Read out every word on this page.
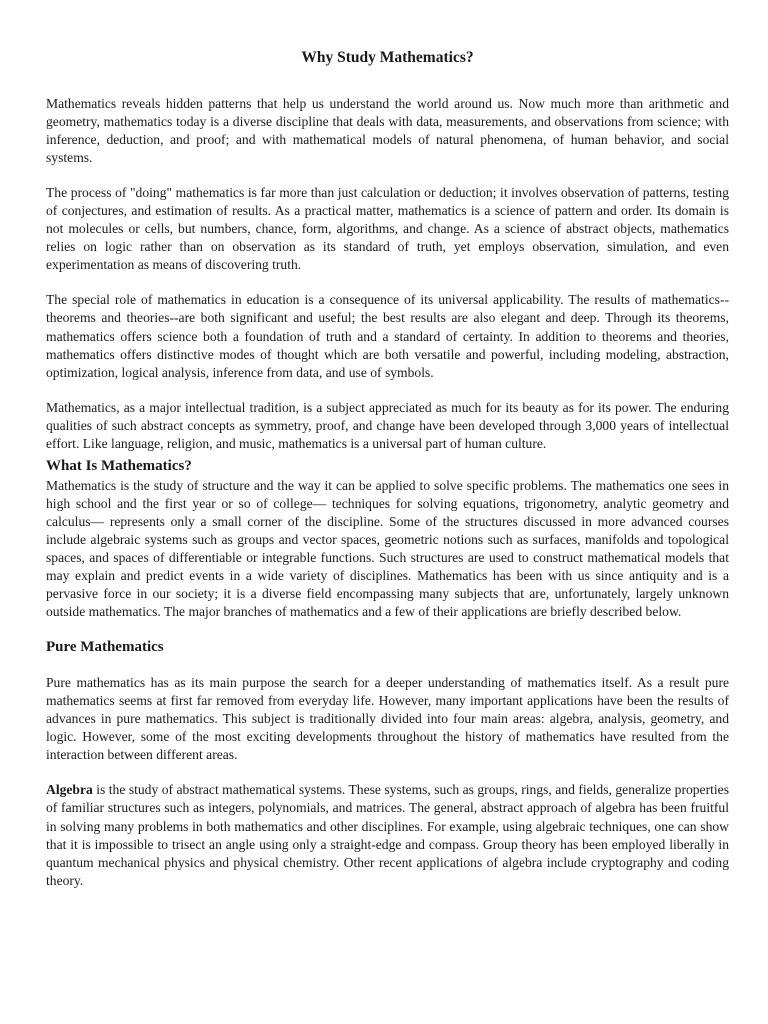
Why Study Mathematics?

Mathematics reveals hidden patterns that help us understand the world around us. Now much more than arithmetic and geometry, mathematics today is a diverse discipline that deals with data, measurements, and observations from science; with inference, deduction, and proof; and with mathematical models of natural phenomena, of human behavior, and social systems.

The process of "doing" mathematics is far more than just calculation or deduction; it involves observation of patterns, testing of conjectures, and estimation of results. As a practical matter, mathematics is a science of pattern and order. Its domain is not molecules or cells, but numbers, chance, form, algorithms, and change. As a science of abstract objects, mathematics relies on logic rather than on observation as its standard of truth, yet employs observation, simulation, and even experimentation as means of discovering truth.

The special role of mathematics in education is a consequence of its universal applicability. The results of mathematics--theorems and theories--are both significant and useful; the best results are also elegant and deep. Through its theorems, mathematics offers science both a foundation of truth and a standard of certainty. In addition to theorems and theories, mathematics offers distinctive modes of thought which are both versatile and powerful, including modeling, abstraction, optimization, logical analysis, inference from data, and use of symbols.

Mathematics, as a major intellectual tradition, is a subject appreciated as much for its beauty as for its power. The enduring qualities of such abstract concepts as symmetry, proof, and change have been developed through 3,000 years of intellectual effort. Like language, religion, and music, mathematics is a universal part of human culture.

What Is Mathematics?

Mathematics is the study of structure and the way it can be applied to solve specific problems. The mathematics one sees in high school and the first year or so of college— techniques for solving equations, trigonometry, analytic geometry and calculus— represents only a small corner of the discipline. Some of the structures discussed in more advanced courses include algebraic systems such as groups and vector spaces, geometric notions such as surfaces, manifolds and topological spaces, and spaces of differentiable or integrable functions. Such structures are used to construct mathematical models that may explain and predict events in a wide variety of disciplines. Mathematics has been with us since antiquity and is a pervasive force in our society; it is a diverse field encompassing many subjects that are, unfortunately, largely unknown outside mathematics. The major branches of mathematics and a few of their applications are briefly described below.

Pure Mathematics

Pure mathematics has as its main purpose the search for a deeper understanding of mathematics itself. As a result pure mathematics seems at first far removed from everyday life. However, many important applications have been the results of advances in pure mathematics. This subject is traditionally divided into four main areas: algebra, analysis, geometry, and logic. However, some of the most exciting developments throughout the history of mathematics have resulted from the interaction between different areas.

Algebra is the study of abstract mathematical systems. These systems, such as groups, rings, and fields, generalize properties of familiar structures such as integers, polynomials, and matrices. The general, abstract approach of algebra has been fruitful in solving many problems in both mathematics and other disciplines. For example, using algebraic techniques, one can show that it is impossible to trisect an angle using only a straight-edge and compass. Group theory has been employed liberally in quantum mechanical physics and physical chemistry. Other recent applications of algebra include cryptography and coding theory.
